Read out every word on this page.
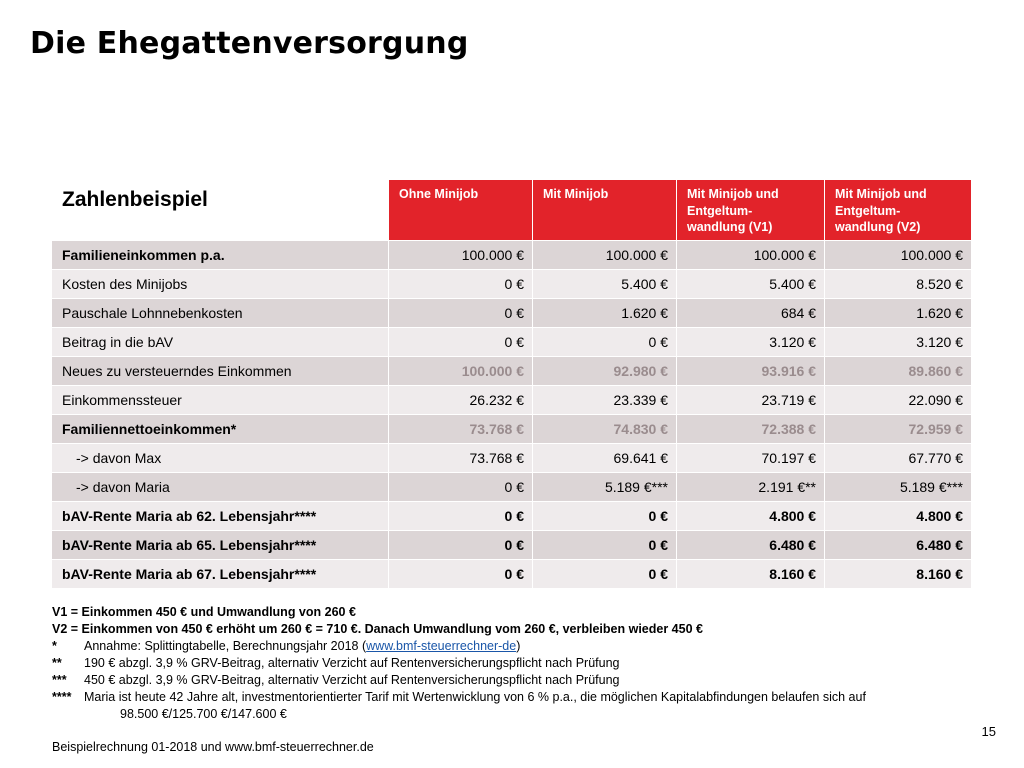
Die Ehegattenversorgung
Zahlenbeispiel	Ohne Minijob	Mit Minijob	Mit Minijob und
Entgeltum-
wandlung (V1)	Mit Minijob und
Entgeltum-
wandlung (V2)
Familieneinkommen p.a.	100.000 €	100.000 €	100.000 €	100.000 €
Kosten des Minijobs	0 €	5.400 €	5.400 €	8.520 €
Pauschale Lohnnebenkosten	0 €	1.620 €	684 €	1.620 €
Beitrag in die bAV	0 €	0 €	3.120 €	3.120 €
Neues zu versteuerndes Einkommen	100.000 €	92.980 €	93.916 €	89.860 €
Einkommenssteuer	26.232 €	23.339 €	23.719 €	22.090 €
Familiennettoeinkommen*	73.768 €	74.830 €	72.388 €	72.959 €
-> davon Max	73.768 €	69.641 €	70.197 €	67.770 €
-> davon Maria	0 €	5.189 €***	2.191 €**	5.189 €***
bAV-Rente Maria ab 62. Lebensjahr****	0 €	0 €	4.800 €	4.800 €
bAV-Rente Maria ab 65. Lebensjahr****	0 €	0 €	6.480 €	6.480 €
bAV-Rente Maria ab 67. Lebensjahr****	0 €	0 €	8.160 €	8.160 €
V1 = Einkommen 450 € und Umwandlung von 260 €
V2 = Einkommen von 450 € erhöht um 260 € = 710 €. Danach Umwandlung vom 260 €, verbleiben wieder 450 €
* Annahme: Splittingtabelle, Berechnungsjahr 2018 (www.bmf-steuerrechner-de)
** 190 € abzgl. 3,9 % GRV-Beitrag, alternativ Verzicht auf Rentenversicherungspflicht nach Prüfung
*** 450 € abzgl. 3,9 % GRV-Beitrag, alternativ Verzicht auf Rentenversicherungspflicht nach Prüfung
**** Maria ist heute 42 Jahre alt, investmentorientierter Tarif mit Wertenwicklung von 6 % p.a., die möglichen Kapitalabfindungen belaufen sich auf
98.500 €/125.700 €/147.600 €
15
Beispielrechnung 01-2018 und www.bmf-steuerrechner.de
